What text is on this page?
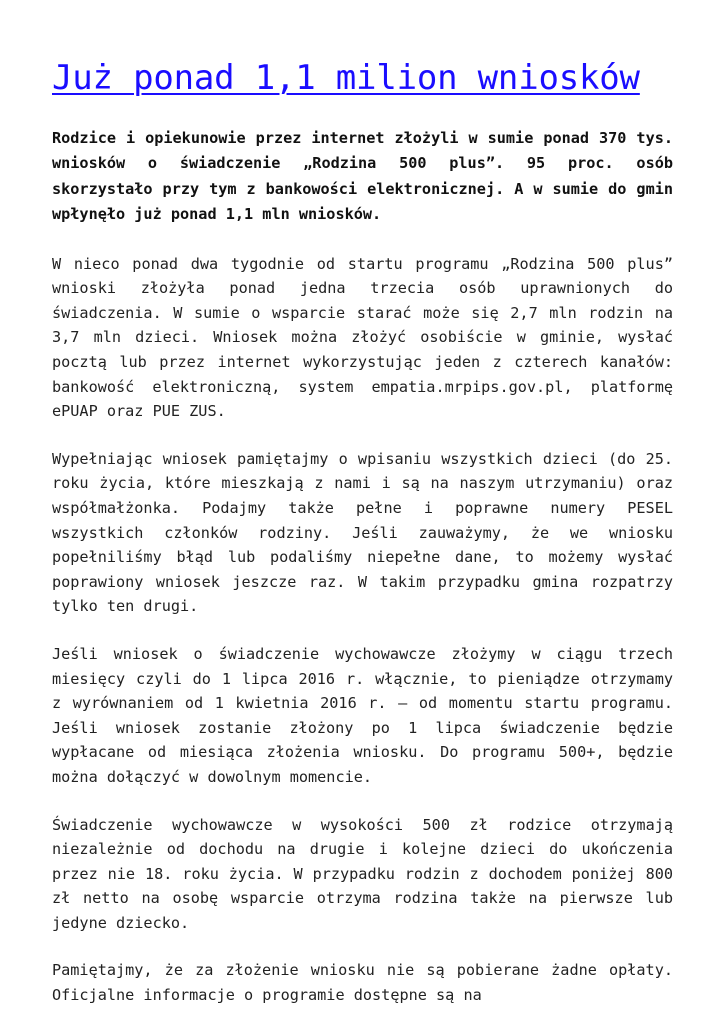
Już ponad 1,1 milion wniosków

Rodzice i opiekunowie przez internet złożyli w sumie ponad 370 tys. wniosków o świadczenie „Rodzina 500 plus”. 95 proc. osób skorzystało przy tym z bankowości elektronicznej. A w sumie do gmin wpłynęło już ponad 1,1 mln wniosków.

W nieco ponad dwa tygodnie od startu programu „Rodzina 500 plus” wnioski złożyła ponad jedna trzecia osób uprawnionych do świadczenia. W sumie o wsparcie starać może się 2,7 mln rodzin na 3,7 mln dzieci. Wniosek można złożyć osobiście w gminie, wysłać pocztą lub przez internet wykorzystując jeden z czterech kanałów: bankowość elektroniczną, system empatia.mrpips.gov.pl, platformę ePUAP oraz PUE ZUS.

Wypełniając wniosek pamiętajmy o wpisaniu wszystkich dzieci (do 25. roku życia, które mieszkają z nami i są na naszym utrzymaniu) oraz współmałżonka. Podajmy także pełne i poprawne numery PESEL wszystkich członków rodziny. Jeśli zauważymy, że we wniosku popełniliśmy błąd lub podaliśmy niepełne dane, to możemy wysłać poprawiony wniosek jeszcze raz. W takim przypadku gmina rozpatrzy tylko ten drugi.

Jeśli wniosek o świadczenie wychowawcze złożymy w ciągu trzech miesięcy czyli do 1 lipca 2016 r. włącznie, to pieniądze otrzymamy z wyrównaniem od 1 kwietnia 2016 r. – od momentu startu programu. Jeśli wniosek zostanie złożony po 1 lipca świadczenie będzie wypłacane od miesiąca złożenia wniosku. Do programu 500+, będzie można dołączyć w dowolnym momencie.

Świadczenie wychowawcze w wysokości 500 zł rodzice otrzymają niezależnie od dochodu na drugie i kolejne dzieci do ukończenia przez nie 18. roku życia. W przypadku rodzin z dochodem poniżej 800 zł netto na osobę wsparcie otrzyma rodzina także na pierwsze lub jedyne dziecko.

Pamiętajmy, że za złożenie wniosku nie są pobierane żadne opłaty. Oficjalne informacje o programie dostępne są na
